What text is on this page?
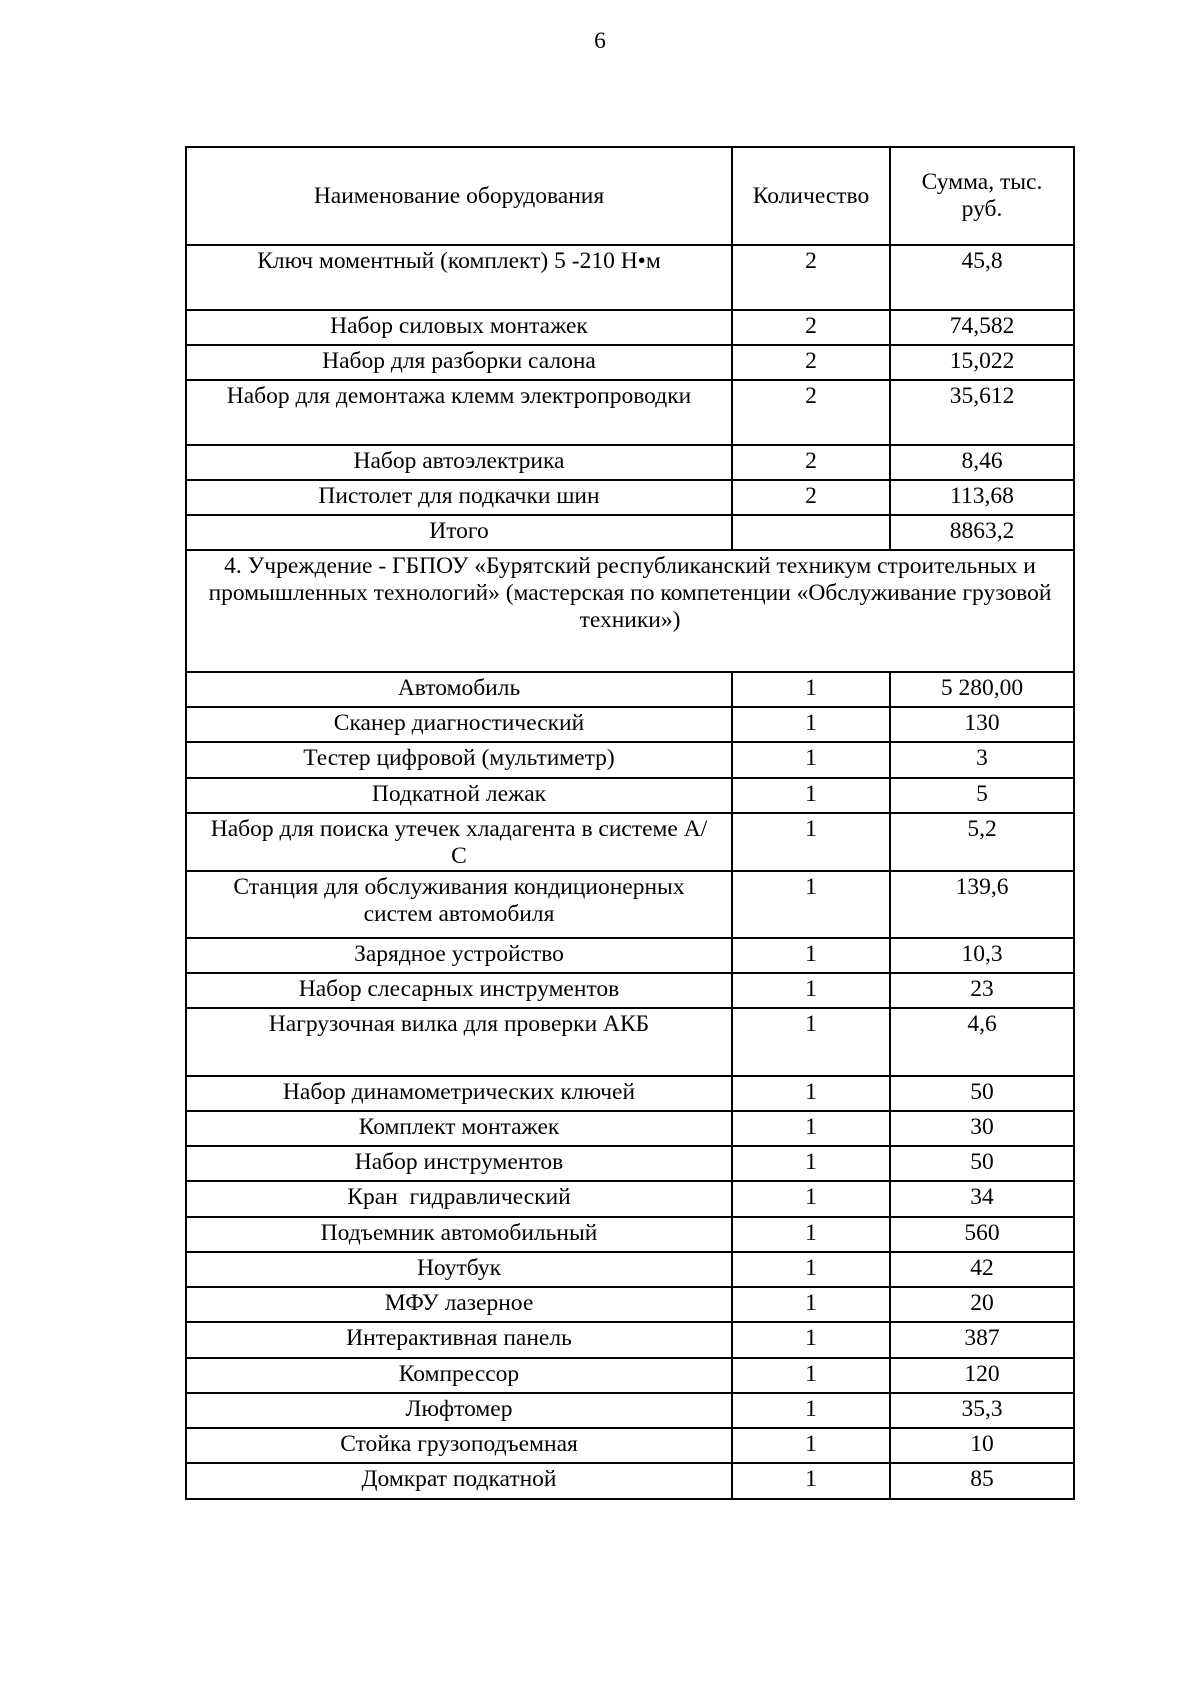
6
Наименование оборудования	Количество	Сумма, тыс. руб.
Ключ моментный (комплект) 5 -210 Н•м	2	45,8
Набор силовых монтажек	2	74,582
Набор для разборки салона	2	15,022
Набор для демонтажа клемм электропроводки	2	35,612
Набор автоэлектрика	2	8,46
Пистолет для подкачки шин	2	113,68
Итого		8863,2
4. Учреждение - ГБПОУ «Бурятский республиканский техникум строительных и промышленных технологий» (мастерская по компетенции «Обслуживание грузовой техники»)		
Автомобиль	1	5 280,00
Сканер диагностический	1	130
Тестер цифровой (мультиметр)	1	3
Подкатной лежак	1	5
Набор для поиска утечек хладагента в системе А/С	1	5,2
Станция для обслуживания кондиционерных систем автомобиля	1	139,6
Зарядное устройство	1	10,3
Набор слесарных инструментов	1	23
Нагрузочная вилка для проверки АКБ	1	4,6
Набор динамометрических ключей	1	50
Комплект монтажек	1	30
Набор инструментов	1	50
Кран  гидравлический	1	34
Подъемник автомобильный	1	560
Ноутбук	1	42
МФУ лазерное	1	20
Интерактивная панель	1	387
Компрессор	1	120
Люфтомер	1	35,3
Стойка грузоподъемная	1	10
Домкрат подкатной	1	85
